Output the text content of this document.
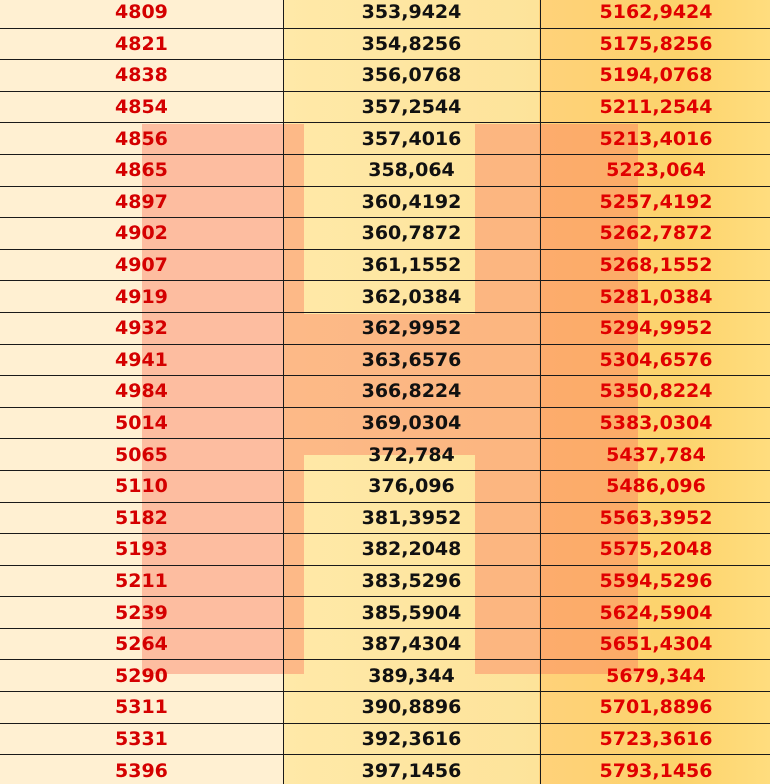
4809	353,9424	5162,9424
4821	354,8256	5175,8256
4838	356,0768	5194,0768
4854	357,2544	5211,2544
4856	357,4016	5213,4016
4865	358,064	5223,064
4897	360,4192	5257,4192
4902	360,7872	5262,7872
4907	361,1552	5268,1552
4919	362,0384	5281,0384
4932	362,9952	5294,9952
4941	363,6576	5304,6576
4984	366,8224	5350,8224
5014	369,0304	5383,0304
5065	372,784	5437,784
5110	376,096	5486,096
5182	381,3952	5563,3952
5193	382,2048	5575,2048
5211	383,5296	5594,5296
5239	385,5904	5624,5904
5264	387,4304	5651,4304
5290	389,344	5679,344
5311	390,8896	5701,8896
5331	392,3616	5723,3616
5396	397,1456	5793,1456
